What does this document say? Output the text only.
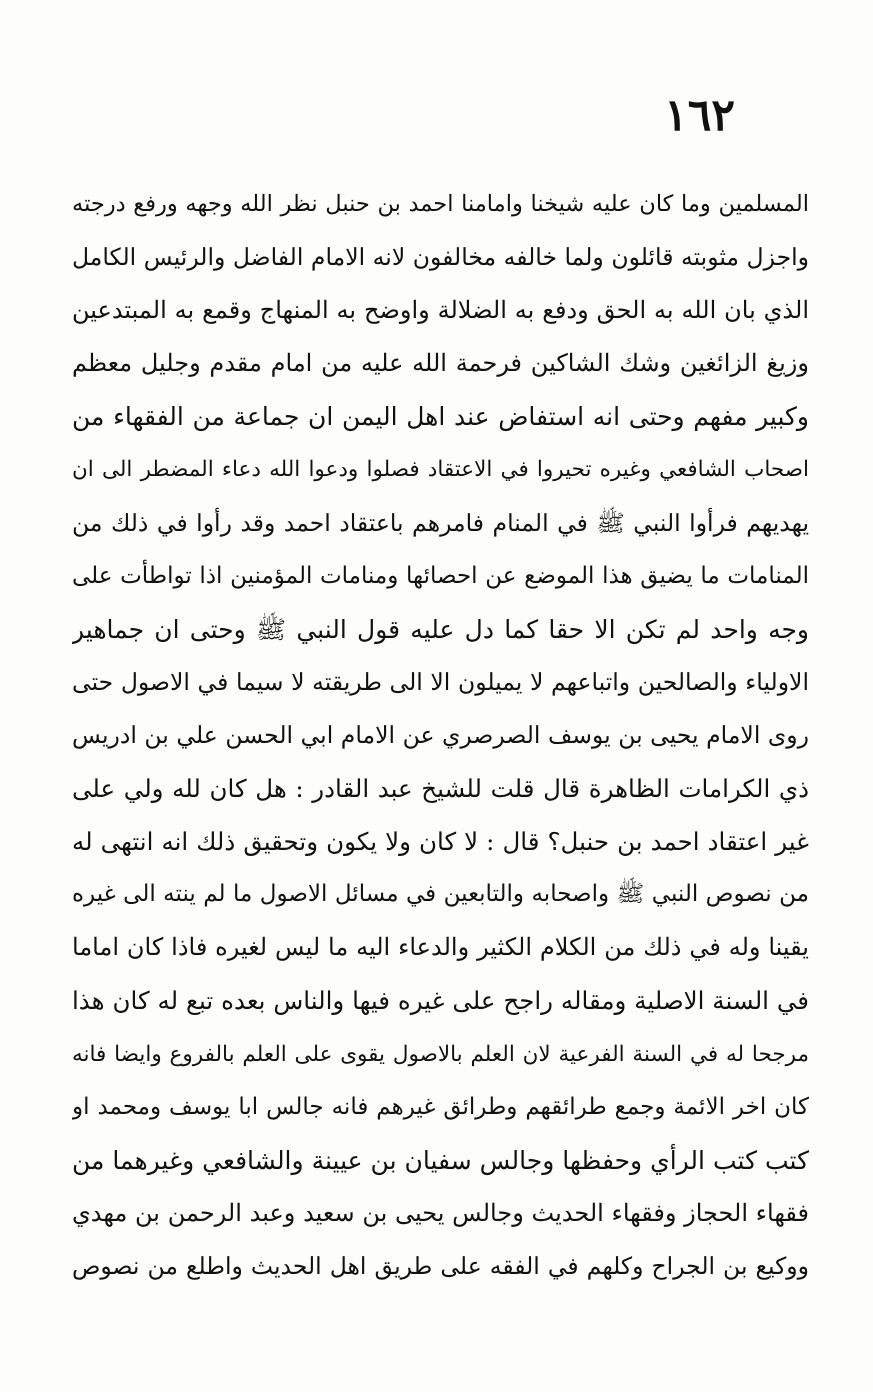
١٦٢
المسلمين وما كان عليه شيخنا وامامنا احمد بن حنبل نظر الله وجهه ورفع درجته
واجزل مثوبته قائلون ولما خالفه مخالفون لانه الامام الفاضل والرئيس الكامل
الذي بان الله به الحق ودفع به الضلالة واوضح به المنهاج وقمع به المبتدعين
وزيغ الزائغين وشك الشاكين فرحمة الله عليه من امام مقدم وجليل معظم
وكبير مفهم وحتى انه استفاض عند اهل اليمن ان جماعة من الفقهاء من
اصحاب الشافعي وغيره تحيروا في الاعتقاد فصلوا ودعوا الله دعاء المضطر الى ان
يهديهم فرأوا النبي ﷺ في المنام فامرهم باعتقاد احمد وقد رأوا في ذلك من
المنامات ما يضيق هذا الموضع عن احصائها ومنامات المؤمنين اذا تواطأت على
وجه واحد لم تكن الا حقا كما دل عليه قول النبي ﷺ وحتى ان جماهير
الاولياء والصالحين واتباعهم لا يميلون الا الى طريقته لا سيما في الاصول حتى
روى الامام يحيى بن يوسف الصرصري عن الامام ابي الحسن علي بن ادريس
ذي الكرامات الظاهرة قال قلت للشيخ عبد القادر : هل كان لله ولي على
غير اعتقاد احمد بن حنبل؟ قال : لا كان ولا يكون وتحقيق ذلك انه انتهى له
من نصوص النبي ﷺ واصحابه والتابعين في مسائل الاصول ما لم ينته الى غيره
يقينا وله في ذلك من الكلام الكثير والدعاء اليه ما ليس لغيره فاذا كان اماما
في السنة الاصلية ومقاله راجح على غيره فيها والناس بعده تبع له كان هذا
مرجحا له في السنة الفرعية لان العلم بالاصول يقوى على العلم بالفروع وايضا فانه
كان اخر الائمة وجمع طرائقهم وطرائق غيرهم فانه جالس ابا يوسف ومحمد او
كتب كتب الرأي وحفظها وجالس سفيان بن عيينة والشافعي وغيرهما من
فقهاء الحجاز وفقهاء الحديث وجالس يحيى بن سعيد وعبد الرحمن بن مهدي
ووكيع بن الجراح وكلهم في الفقه على طريق اهل الحديث واطلع من نصوص
